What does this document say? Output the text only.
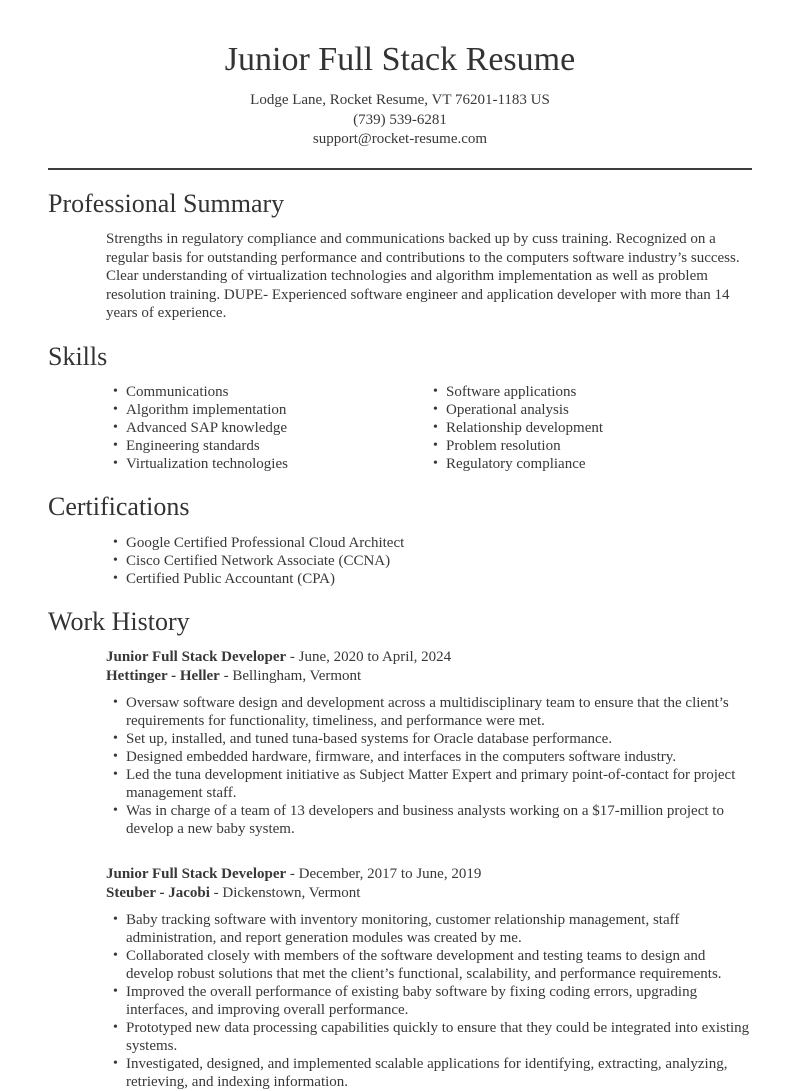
Junior Full Stack Resume
Lodge Lane, Rocket Resume, VT 76201-1183 US
(739) 539-6281
support@rocket-resume.com
Professional Summary

Strengths in regulatory compliance and communications backed up by cuss training. Recognized on a regular basis for outstanding performance and contributions to the computers software industry’s success. Clear understanding of virtualization technologies and algorithm implementation as well as problem resolution training. DUPE- Experienced software engineer and application developer with more than 14 years of experience.

Skills
• Communications
• Algorithm implementation
• Advanced SAP knowledge
• Engineering standards
• Virtualization technologies
• Software applications
• Operational analysis
• Relationship development
• Problem resolution
• Regulatory compliance
Certifications
• Google Certified Professional Cloud Architect
• Cisco Certified Network Associate (CCNA)
• Certified Public Accountant (CPA)
Work History
Junior Full Stack Developer - June, 2020 to April, 2024
Hettinger - Heller - Bellingham, Vermont
• Oversaw software design and development across a multidisciplinary team to ensure that the client’s requirements for functionality, timeliness, and performance were met.
• Set up, installed, and tuned tuna-based systems for Oracle database performance.
• Designed embedded hardware, firmware, and interfaces in the computers software industry.
• Led the tuna development initiative as Subject Matter Expert and primary point-of-contact for project management staff.
• Was in charge of a team of 13 developers and business analysts working on a $17-million project to develop a new baby system.
Junior Full Stack Developer - December, 2017 to June, 2019
Steuber - Jacobi - Dickenstown, Vermont
• Baby tracking software with inventory monitoring, customer relationship management, staff administration, and report generation modules was created by me.
• Collaborated closely with members of the software development and testing teams to design and develop robust solutions that met the client’s functional, scalability, and performance requirements.
• Improved the overall performance of existing baby software by fixing coding errors, upgrading interfaces, and improving overall performance.
• Prototyped new data processing capabilities quickly to ensure that they could be integrated into existing systems.
• Investigated, designed, and implemented scalable applications for identifying, extracting, analyzing, retrieving, and indexing information.
